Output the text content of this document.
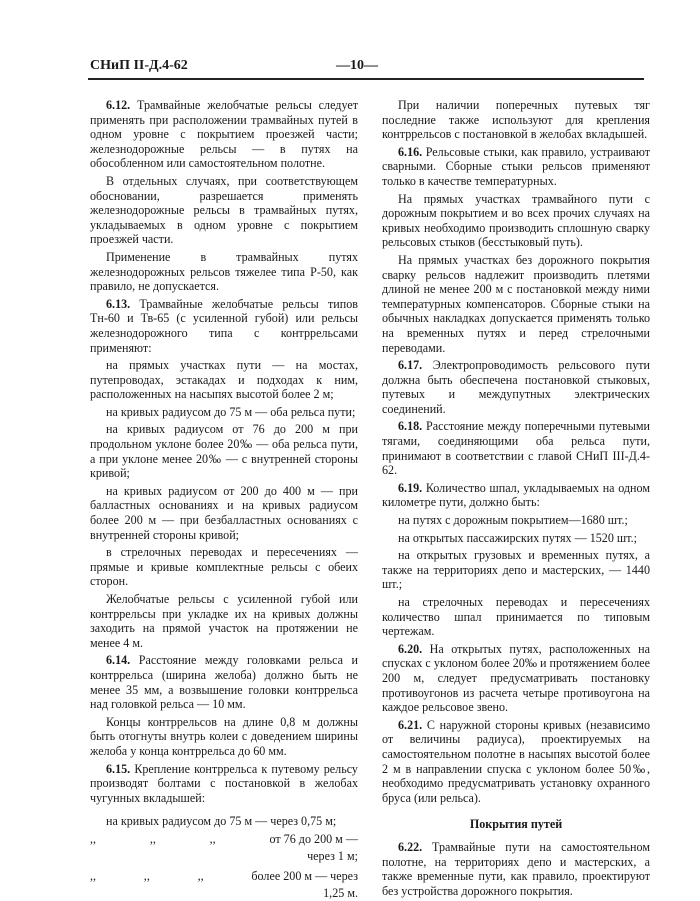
СНиП II-Д.4-62	—10—

6.12. Трамвайные желобчатые рельсы следует применять при расположении трамвайных путей в одном уровне с покрытием проезжей части; железнодорожные рельсы — в путях на обособленном или самостоятельном полотне.

В отдельных случаях, при соответствующем обосновании, разрешается применять железнодорожные рельсы в трамвайных путях, укладываемых в одном уровне с покрытием проезжей части.

Применение в трамвайных путях железнодорожных рельсов тяжелее типа Р-50, как правило, не допускается.

6.13. Трамвайные желобчатые рельсы типов Тн-60 и Тв-65 (с усиленной губой) или рельсы железнодорожного типа с контррельсами применяют:

на прямых участках пути — на мостах, путепроводах, эстакадах и подходах к ним, расположенных на насыпях высотой более 2 м;

на кривых радиусом до 75 м — оба рельса пути;

на кривых радиусом от 76 до 200 м при продольном уклоне более 20‰ — оба рельса пути, а при уклоне менее 20‰ — с внутренней стороны кривой;

на кривых радиусом от 200 до 400 м — при балластных основаниях и на кривых радиусом более 200 м — при безбалластных основаниях с внутренней стороны кривой;

в стрелочных переводах и пересечениях — прямые и кривые комплектные рельсы с обеих сторон.

Желобчатые рельсы с усиленной губой или контррельсы при укладке их на кривых должны заходить на прямой участок на протяжении не менее 4 м.

6.14. Расстояние между головками рельса и контррельса (ширина желоба) должно быть не менее 35 мм, а возвышение головки контррельса над головкой рельса — 10 мм.

Концы контррельсов на длине 0,8 м должны быть отогнуты внутрь колеи с доведением ширины желоба у конца контррельса до 60 мм.

6.15. Крепление контррельса к путевому рельсу производят болтами с постановкой в желобах чугунных вкладышей:

на кривых радиусом до 75 м — через 0,75 м;

,,	,,	,,	от 76 до 200 м —
через 1 м;
,,	,,	,,	более 200 м — через
1,25 м.

При наличии поперечных путевых тяг последние также используют для крепления контррельсов с постановкой в желобах вкладышей.

6.16. Рельсовые стыки, как правило, устраивают сварными. Сборные стыки рельсов применяют только в качестве температурных.

На прямых участках трамвайного пути с дорожным покрытием и во всех прочих случаях на кривых необходимо производить сплошную сварку рельсовых стыков (бесстыковый путь).

На прямых участках без дорожного покрытия сварку рельсов надлежит производить плетями длиной не менее 200 м с постановкой между ними температурных компенсаторов. Сборные стыки на обычных накладках допускается применять только на временных путях и перед стрелочными переводами.

6.17. Электропроводимость рельсового пути должна быть обеспечена постановкой стыковых, путевых и междупутных электрических соединений.

6.18. Расстояние между поперечными путевыми тягами, соединяющими оба рельса пути, принимают в соответствии с главой СНиП III-Д.4-62.

6.19. Количество шпал, укладываемых на одном километре пути, должно быть:

на путях с дорожным покрытием—1680 шт.;

на открытых пассажирских путях — 1520 шт.;

на открытых грузовых и временных путях, а также на территориях депо и мастерских, — 1440 шт.;

на стрелочных переводах и пересечениях количество шпал принимается по типовым чертежам.

6.20. На открытых путях, расположенных на спусках с уклоном более 20‰ и протяжением более 200 м, следует предусматривать постановку противоугонов из расчета четыре противоугона на каждое рельсовое звено.

6.21. С наружной стороны кривых (независимо от величины радиуса), проектируемых на самостоятельном полотне в насыпях высотой более 2 м в направлении спуска с уклоном более 50‰, необходимо предусматривать установку охранного бруса (или рельса).

Покрытия путей

6.22. Трамвайные пути на самостоятельном полотне, на территориях депо и мастерских, а также временные пути, как правило, проектируют без устройства дорожного покрытия.
